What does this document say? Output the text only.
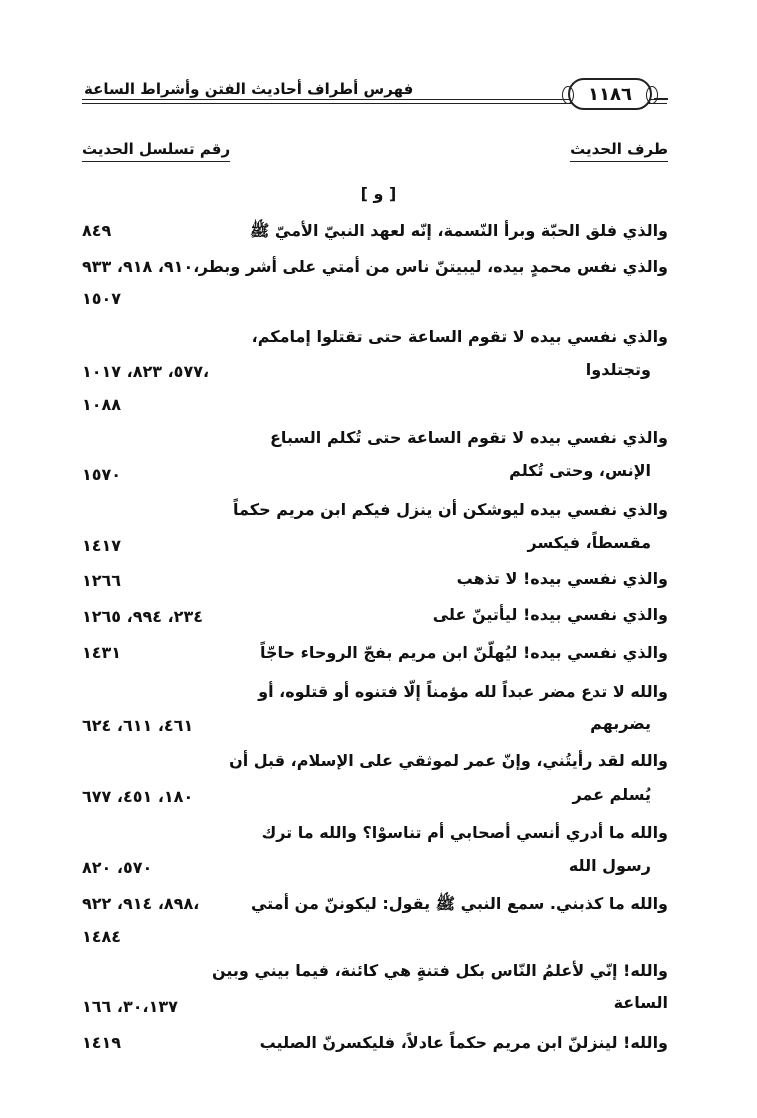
١١٨٦
فهرس أطراف أحاديث الفتن وأشراط الساعة
طرف الحديث
رقم تسلسل الحديث
[ و ]
والذي فلق الحبّة وبرأ النّسمة، إنّه لعهد النبيّ الأميّ ﷺ
٨٤٩
والذي نفس محمدٍ بيده، ليبيتنّ ناس من أمتي على أشر وبطر
٩١٠، ٩١٨، ٩٣٣،
١٥٠٧
والذي نفسي بيده لا تقوم الساعة حتى تقتلوا إمامكم،
وتجتلدوا
٥٧٧، ٨٢٣، ١٠١٧،
١٠٨٨
والذي نفسي بيده لا تقوم الساعة حتى تُكلم السباع
الإنس، وحتى تُكلم
١٥٧٠
والذي نفسي بيده ليوشكن أن ينزل فيكم ابن مريم حكماً
مقسطاً، فيكسر
١٤١٧
والذي نفسي بيده! لا تذهب
١٢٦٦
والذي نفسي بيده! ليأتينّ على
٢٣٤، ٩٩٤، ١٢٦٥
والذي نفسي بيده! ليُهلّنّ ابن مريم بفجّ الروحاء حاجّاً
١٤٣١
والله لا تدع مضر عبداً لله مؤمناً إلّا فتنوه أو قتلوه، أو
يضربهم
٤٦١، ٦١١، ٦٢٤
والله لقد رأيتُني، وإنّ عمر لموثقي على الإسلام، قبل أن
يُسلم عمر
١٨٠، ٤٥١، ٦٧٧
والله ما أدري أنسي أصحابي أم تناسوْا؟ والله ما ترك
رسول الله
٥٧٠، ٨٢٠
والله ما كذبني. سمع النبي ﷺ يقول: ليكوننّ من أمتي
٨٩٨، ٩١٤، ٩٢٢،
١٤٨٤
والله! إنّي لأعلمُ النّاس بكل فتنةٍ هي كائنة، فيما بيني وبين
الساعة
٣٠،١٣٧، ١٦٦
والله! لينزلنّ ابن مريم حكماً عادلاً، فليكسرنّ الصليب
١٤١٩
